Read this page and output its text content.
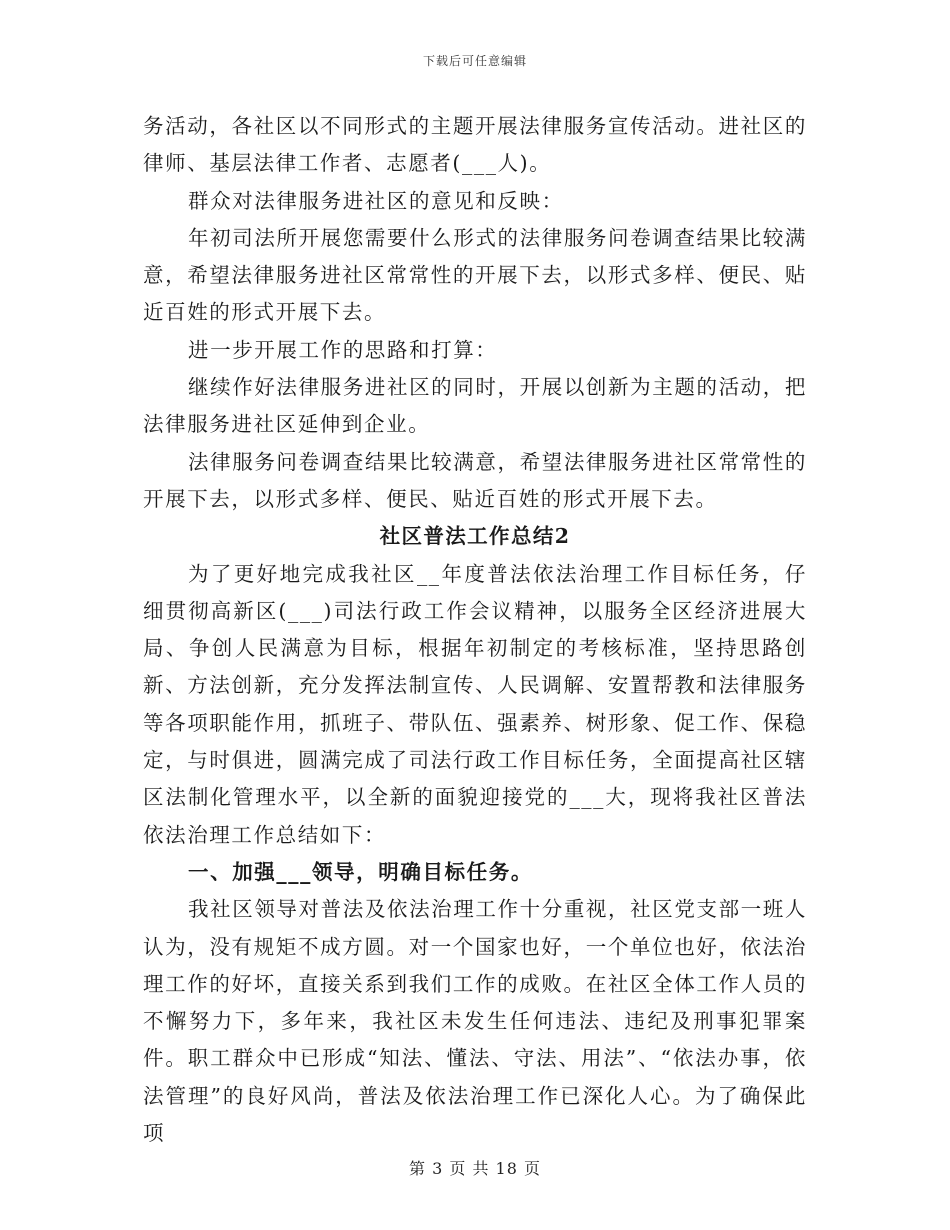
下载后可任意编辑

务活动，各社区以不同形式的主题开展法律服务宣传活动。进社区的律师、基层法律工作者、志愿者(___人)。

群众对法律服务进社区的意见和反映：

年初司法所开展您需要什么形式的法律服务问卷调查结果比较满意，希望法律服务进社区常常性的开展下去，以形式多样、便民、贴近百姓的形式开展下去。

进一步开展工作的思路和打算：

继续作好法律服务进社区的同时，开展以创新为主题的活动，把法律服务进社区延伸到企业。

法律服务问卷调查结果比较满意，希望法律服务进社区常常性的开展下去，以形式多样、便民、贴近百姓的形式开展下去。

社区普法工作总结2

为了更好地完成我社区__年度普法依法治理工作目标任务，仔细贯彻高新区(___)司法行政工作会议精神，以服务全区经济进展大局、争创人民满意为目标，根据年初制定的考核标准，坚持思路创新、方法创新，充分发挥法制宣传、人民调解、安置帮教和法律服务等各项职能作用，抓班子、带队伍、强素养、树形象、促工作、保稳定，与时俱进，圆满完成了司法行政工作目标任务，全面提高社区辖区法制化管理水平，以全新的面貌迎接党的___大，现将我社区普法依法治理工作总结如下：

一、加强___领导，明确目标任务。

我社区领导对普法及依法治理工作十分重视，社区党支部一班人认为，没有规矩不成方圆。对一个国家也好，一个单位也好，依法治理工作的好坏，直接关系到我们工作的成败。在社区全体工作人员的不懈努力下，多年来，我社区未发生任何违法、违纪及刑事犯罪案件。职工群众中已形成“知法、懂法、守法、用法”、“依法办事，依法管理”的良好风尚，普法及依法治理工作已深化人心。为了确保此项

第 3 页 共 18 页
